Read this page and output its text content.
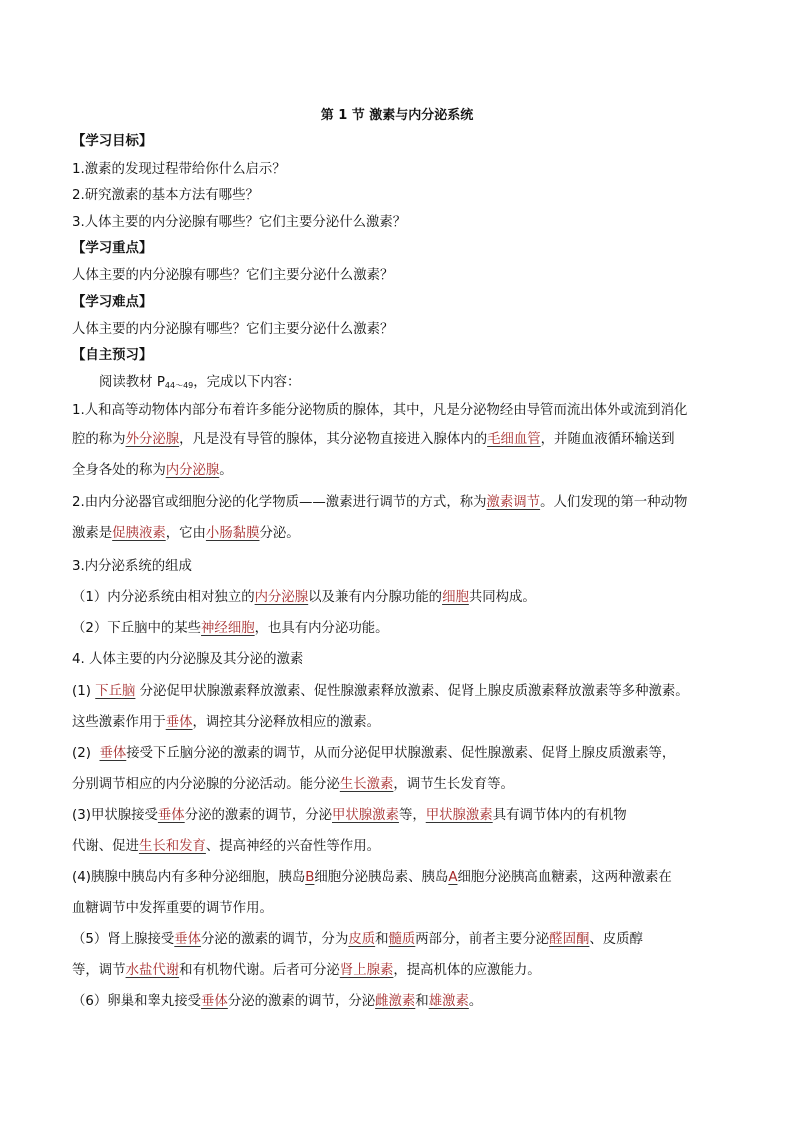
第 1 节 激素与内分泌系统
【学习目标】
1.激素的发现过程带给你什么启示？
2.研究激素的基本方法有哪些？
3.人体主要的内分泌腺有哪些？它们主要分泌什么激素？
【学习重点】
人体主要的内分泌腺有哪些？它们主要分泌什么激素？
【学习难点】
人体主要的内分泌腺有哪些？它们主要分泌什么激素？
【自主预习】
阅读教材 $P_{44\sim 49}$，完成以下内容：
1.人和高等动物体内部分布着许多能分泌物质的腺体，其中，凡是分泌物经由导管而流出体外或流到消化
腔的称为外分泌腺，凡是没有导管的腺体，其分泌物直接进入腺体内的毛细血管，并随血液循环输送到
全身各处的称为内分泌腺。
2.由内分泌器官或细胞分泌的化学物质——激素进行调节的方式，称为激素调节。人们发现的第一种动物
激素是促胰液素，它由小肠黏膜分泌。
3.内分泌系统的组成
（1）内分泌系统由相对独立的内分泌腺以及兼有内分腺功能的细胞共同构成。
（2）下丘脑中的某些神经细胞，也具有内分泌功能。
4. 人体主要的内分泌腺及其分泌的激素
(1) 下丘脑 分泌促甲状腺激素释放激素、促性腺激素释放激素、促肾上腺皮质激素释放激素等多种激素。
这些激素作用于垂体，调控其分泌释放相应的激素。
(2) 垂体接受下丘脑分泌的激素的调节，从而分泌促甲状腺激素、促性腺激素、促肾上腺皮质激素等，
分别调节相应的内分泌腺的分泌活动。能分泌生长激素，调节生长发育等。
(3)甲状腺接受垂体分泌的激素的调节，分泌甲状腺激素等，甲状腺激素具有调节体内的有机物
代谢、促进生长和发育、提高神经的兴奋性等作用。
(4)胰腺中胰岛内有多种分泌细胞，胰岛B细胞分泌胰岛素、胰岛A细胞分泌胰高血糖素，这两种激素在
血糖调节中发挥重要的调节作用。
（5）肾上腺接受垂体分泌的激素的调节，分为皮质和髓质两部分，前者主要分泌醛固酮、皮质醇
等，调节水盐代谢和有机物代谢。后者可分泌肾上腺素，提高机体的应激能力。
（6）卵巢和睾丸接受垂体分泌的激素的调节，分泌雌激素和雄激素。
